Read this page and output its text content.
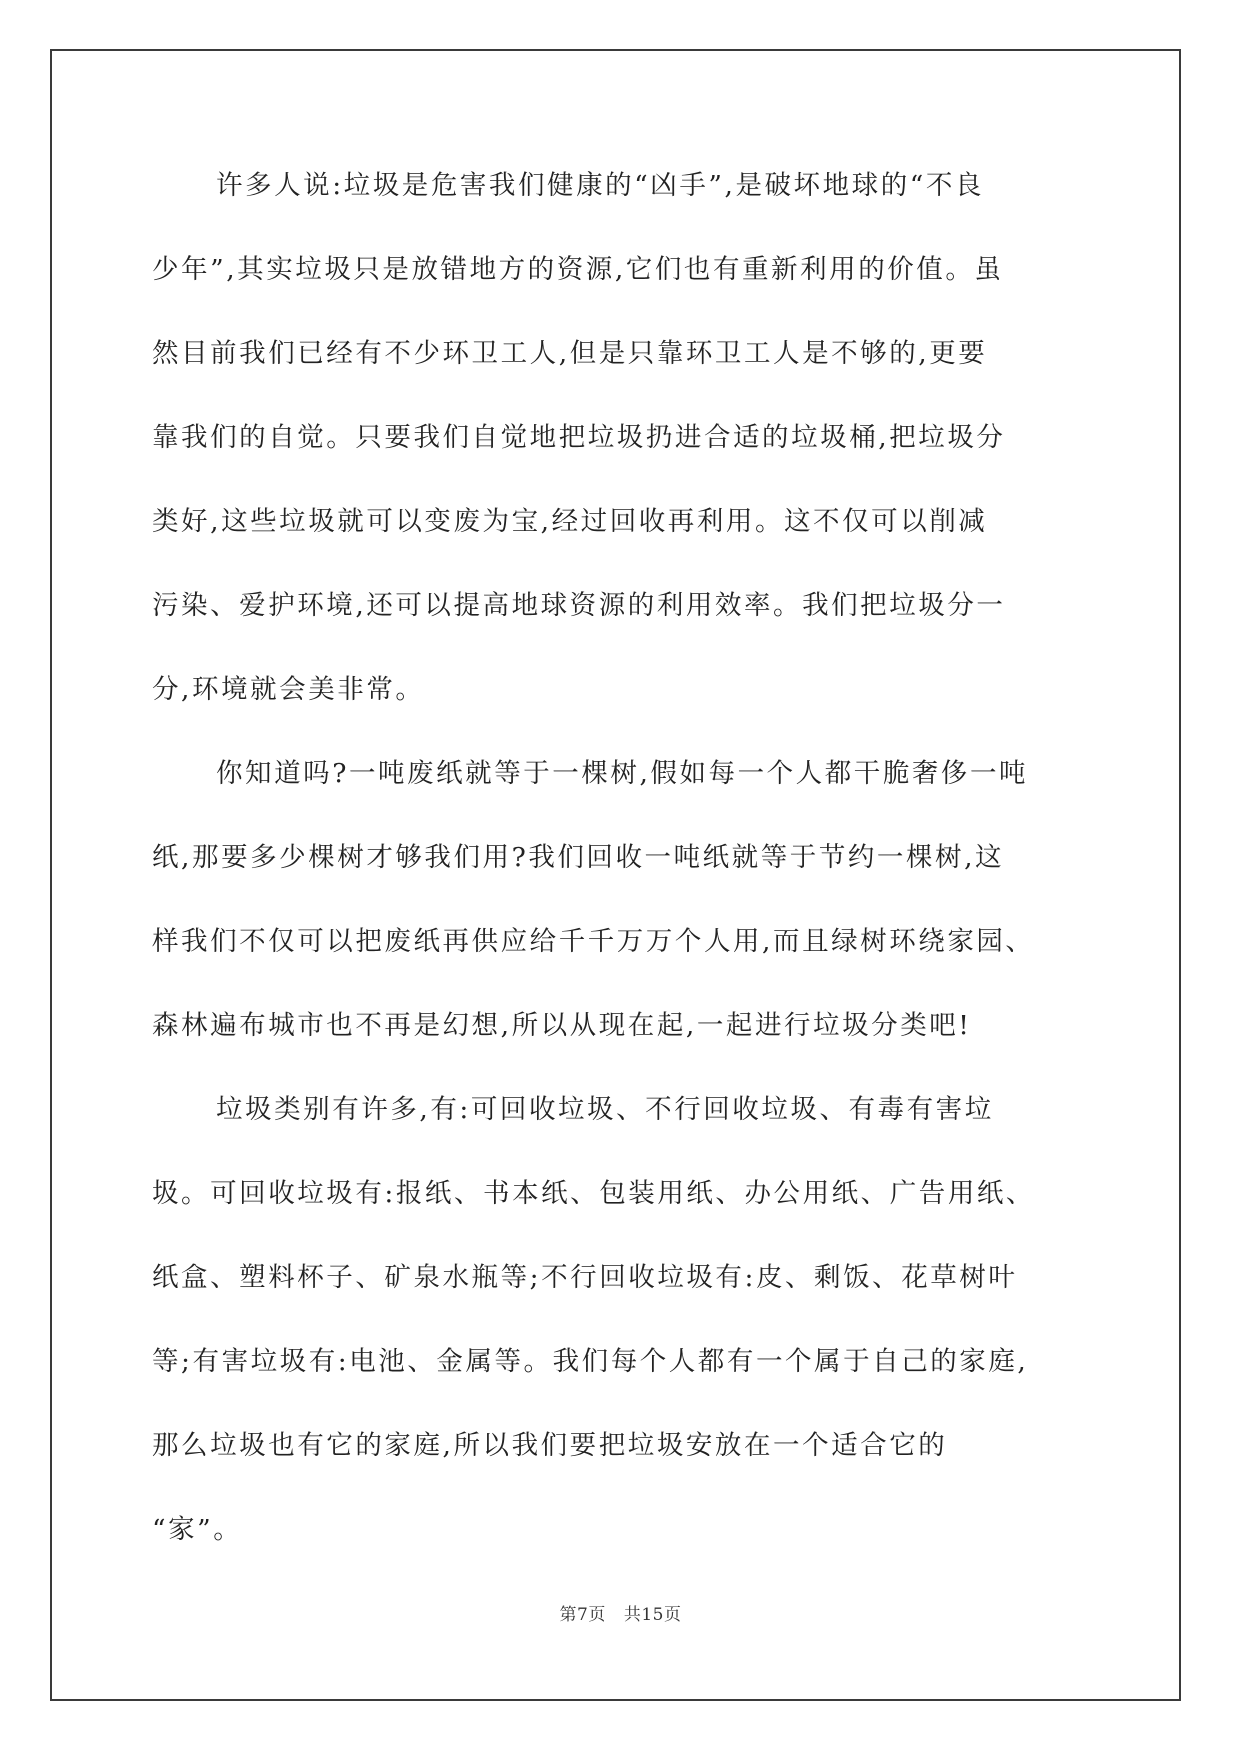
许多人说:垃圾是危害我们健康的“凶手”,是破坏地球的“不良
少年”,其实垃圾只是放错地方的资源,它们也有重新利用的价值。虽
然目前我们已经有不少环卫工人,但是只靠环卫工人是不够的,更要
靠我们的自觉。只要我们自觉地把垃圾扔进合适的垃圾桶,把垃圾分
类好,这些垃圾就可以变废为宝,经过回收再利用。这不仅可以削减
污染、爱护环境,还可以提高地球资源的利用效率。我们把垃圾分一
分,环境就会美非常。
你知道吗?一吨废纸就等于一棵树,假如每一个人都干脆奢侈一吨
纸,那要多少棵树才够我们用?我们回收一吨纸就等于节约一棵树,这
样我们不仅可以把废纸再供应给千千万万个人用,而且绿树环绕家园、
森林遍布城市也不再是幻想,所以从现在起,一起进行垃圾分类吧!
垃圾类别有许多,有:可回收垃圾、不行回收垃圾、有毒有害垃
圾。可回收垃圾有:报纸、书本纸、包装用纸、办公用纸、广告用纸、
纸盒、塑料杯子、矿泉水瓶等;不行回收垃圾有:皮、剩饭、花草树叶
等;有害垃圾有:电池、金属等。我们每个人都有一个属于自己的家庭,
那么垃圾也有它的家庭,所以我们要把垃圾安放在一个适合它的
“家”。
第7页 共15页
